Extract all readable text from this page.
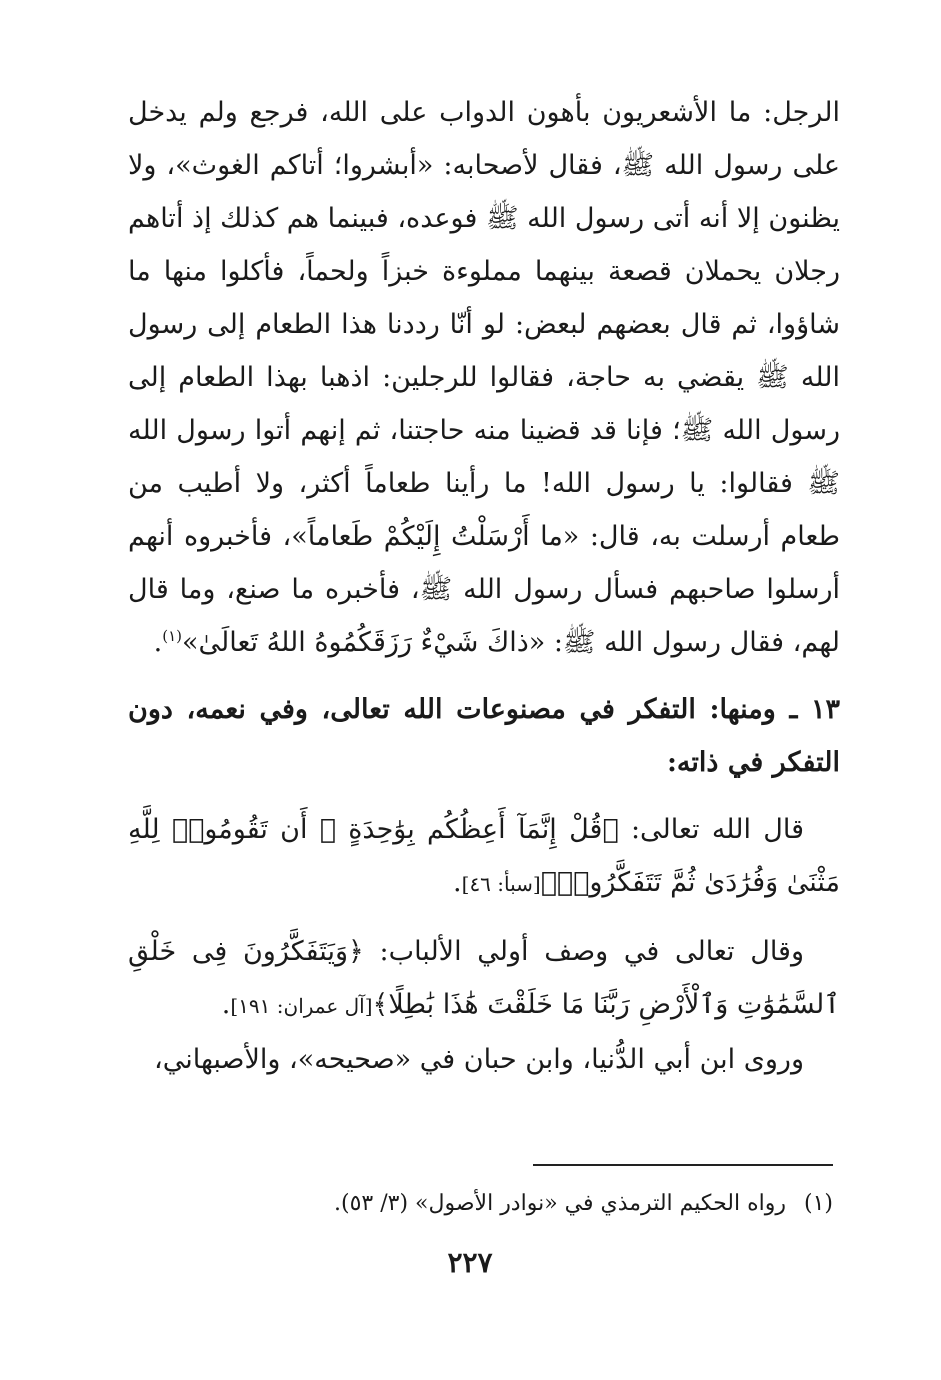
الرجل: ما الأشعريون بأهون الدواب على الله، فرجع ولم يدخل على رسول الله ﷺ، فقال لأصحابه: «أبشروا؛ أتاكم الغوث»، ولا يظنون إلا أنه أتى رسول الله ﷺ فوعده، فبينما هم كذلك إذ أتاهم رجلان يحملان قصعة بينهما مملوءة خبزاً ولحماً، فأكلوا منها ما شاؤوا، ثم قال بعضهم لبعض: لو أنّا رددنا هذا الطعام إلى رسول الله ﷺ يقضي به حاجة، فقالوا للرجلين: اذهبا بهذا الطعام إلى رسول الله ﷺ؛ فإنا قد قضينا منه حاجتنا، ثم إنهم أتوا رسول الله ﷺ فقالوا: يا رسول الله! ما رأينا طعاماً أكثر، ولا أطيب من طعام أرسلت به، قال: «ما أَرْسَلْتُ إِلَيْكُمْ طَعاماً»، فأخبروه أنهم أرسلوا صاحبهم فسأل رسول الله ﷺ، فأخبره ما صنع، وما قال لهم، فقال رسول الله ﷺ: «ذاكَ شَيْءٌ رَزَقَكُمُوهُ اللهُ تَعالَىٰ»$^{(١)}$.

١٣ ـ ومنها: التفكر في مصنوعات الله تعالى، وفي نعمه، دون التفكر في ذاته:

قال الله تعالى: ﴿قُلْ إِنَّمَآ أَعِظُكُم بِوَٰحِدَةٍ ۖ أَن تَقُومُوا۟ لِلَّهِ مَثْنَىٰ وَفُرَٰدَىٰ ثُمَّ تَتَفَكَّرُوا۟﴾[سبأ: ٤٦].

وقال تعالى في وصف أولي الألباب: ﴿وَيَتَفَكَّرُونَ فِى خَلْقِ ٱلسَّمَٰوَٰتِ وَٱلْأَرْضِ رَبَّنَا مَا خَلَقْتَ هَٰذَا بَٰطِلًا﴾[آل عمران: ١٩١].

وروى ابن أبي الدُّنيا، وابن حبان في «صحيحه»، والأصبهاني،

(١)رواه الحكيم الترمذي في «نوادر الأصول» (٣/ ٥٣).
٢٢٧
